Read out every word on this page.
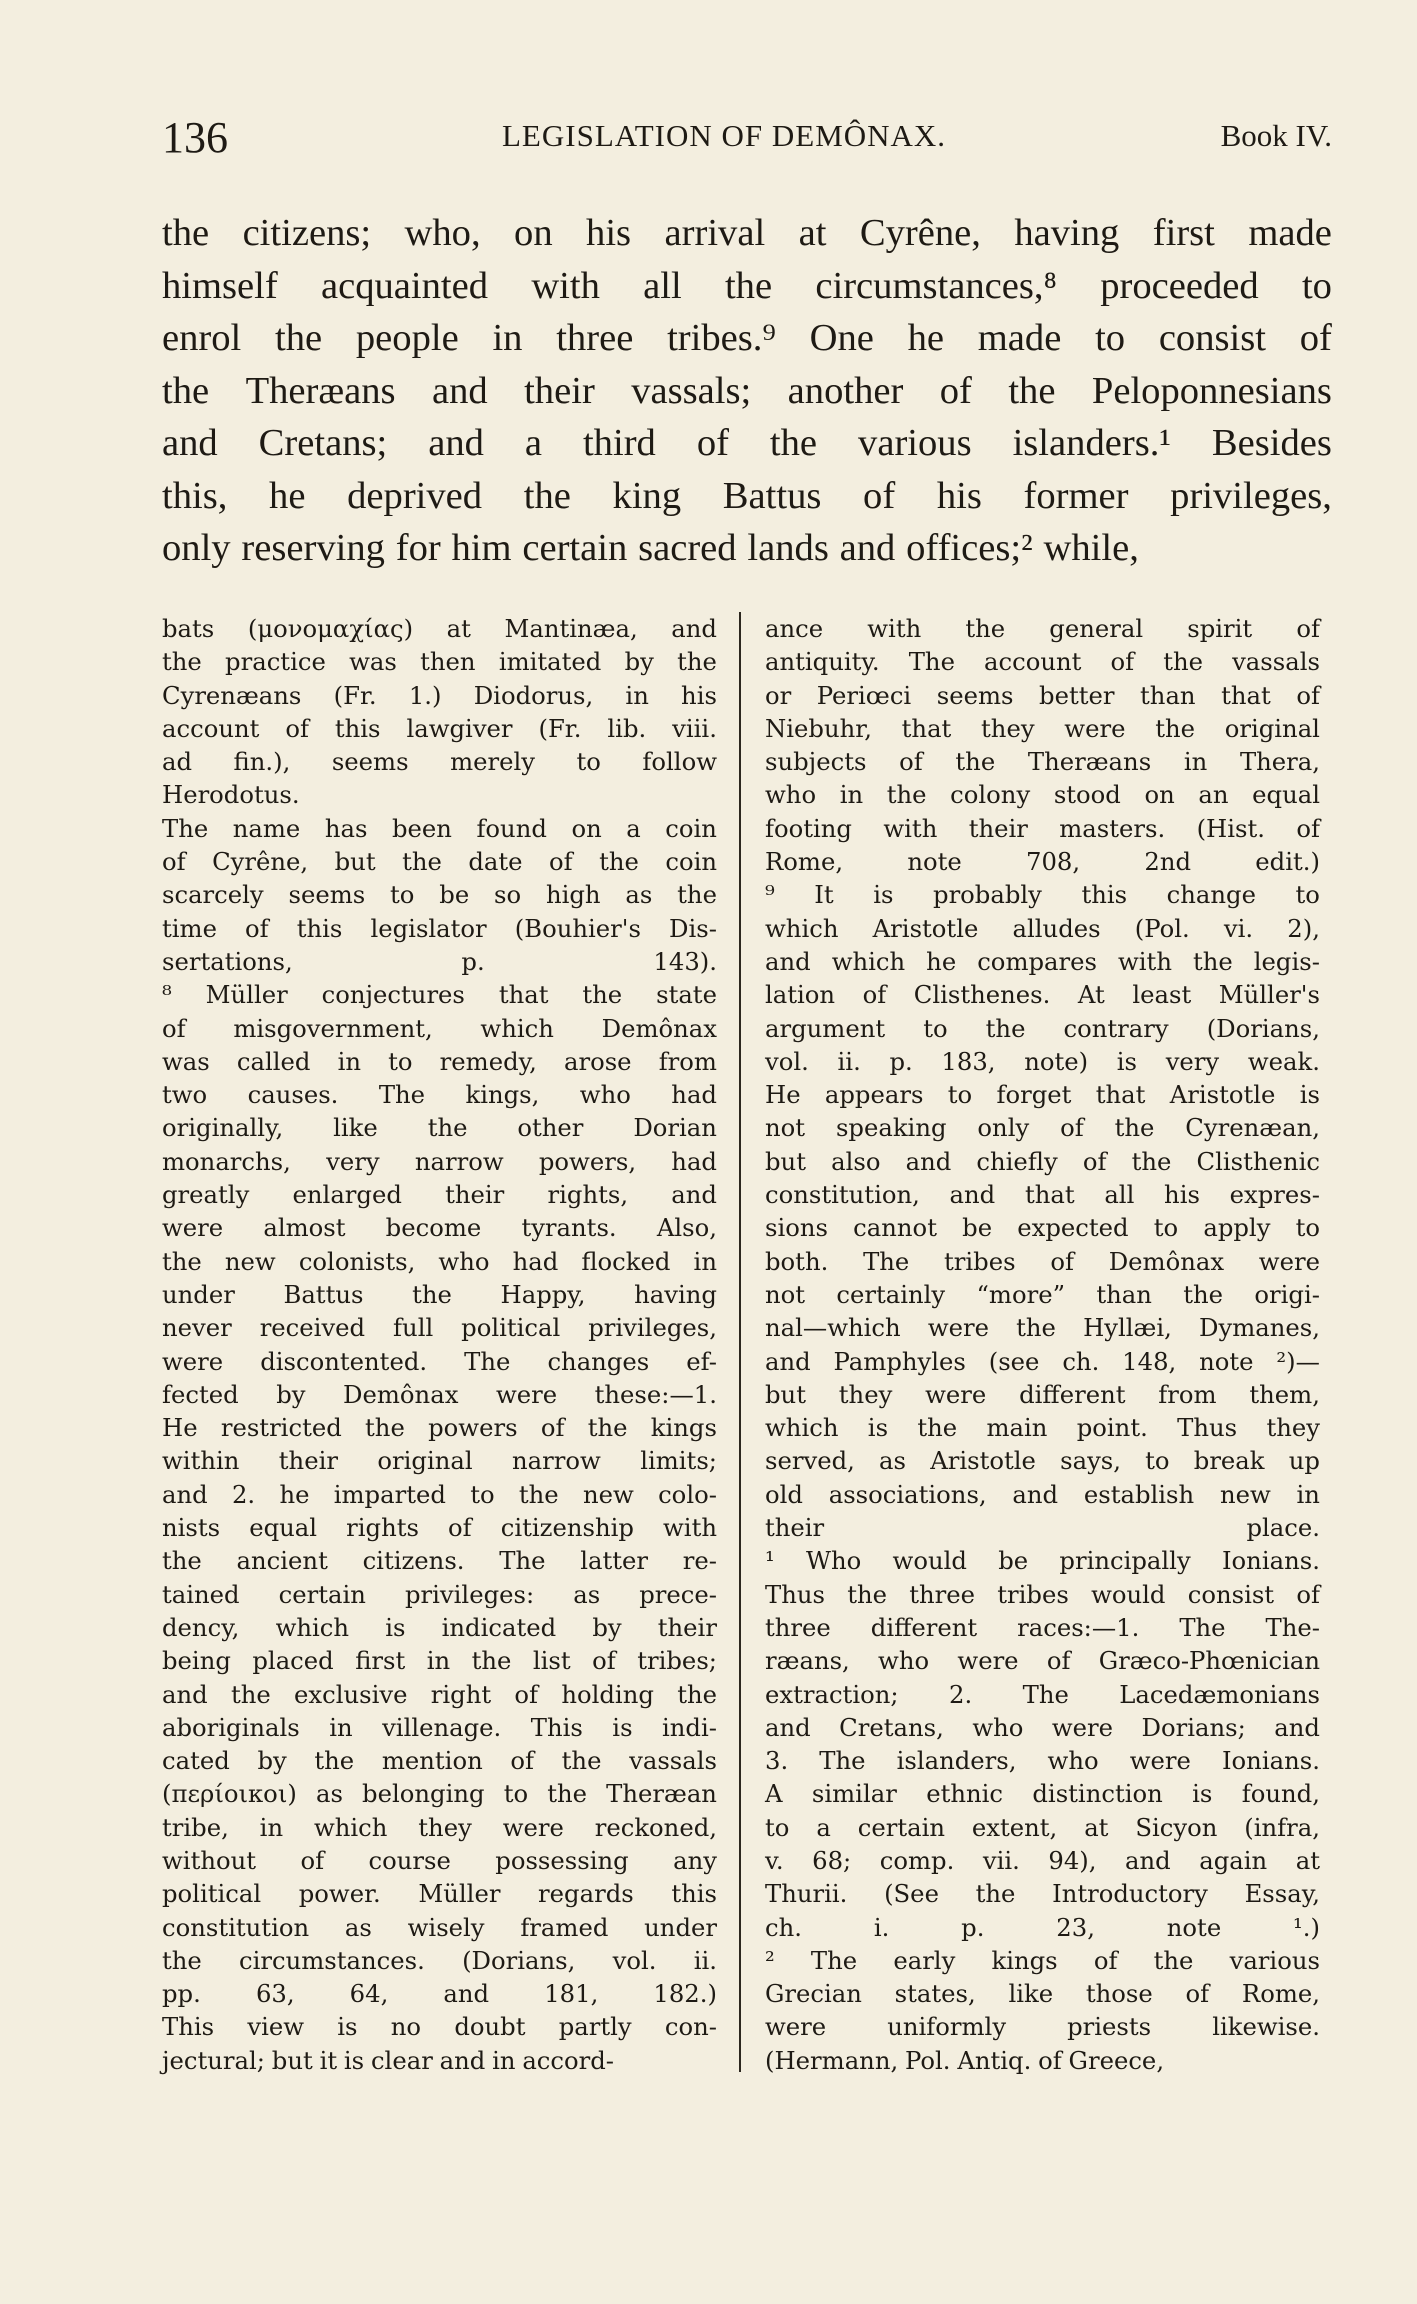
136	LEGISLATION OF DEMÔNAX.	Book IV.
the citizens; who, on his arrival at Cyrêne, having first made
himself acquainted with all the circumstances,⁸ proceeded to
enrol the people in three tribes.⁹ One he made to consist of
the Theræans and their vassals; another of the Peloponnesians
and Cretans; and a third of the various islanders.¹ Besides
this, he deprived the king Battus of his former privileges,
only reserving for him certain sacred lands and offices;² while,
bats (μονομαχίας) at Mantinæa, and
the practice was then imitated by the
Cyrenæans (Fr. 1.) Diodorus, in his
account of this lawgiver (Fr. lib. viii.
ad fin.), seems merely to follow
Herodotus.
The name has been found on a coin
of Cyrêne, but the date of the coin
scarcely seems to be so high as the
time of this legislator (Bouhier's Dis-
sertations,	p.	143).
⁸ Müller conjectures that the state
of misgovernment, which Demônax
was called in to remedy, arose from
two causes. The kings, who had
originally, like the other Dorian
monarchs, very narrow powers, had
greatly enlarged their rights, and
were almost become tyrants. Also,
the new colonists, who had flocked in
under Battus the Happy, having
never received full political privileges,
were discontented. The changes ef-
fected by Demônax were these:—1.
He restricted the powers of the kings
within their original narrow limits;
and 2. he imparted to the new colo-
nists equal rights of citizenship with
the ancient citizens. The latter re-
tained certain privileges: as prece-
dency, which is indicated by their
being placed first in the list of tribes;
and the exclusive right of holding the
aboriginals in villenage. This is indi-
cated by the mention of the vassals
(περίοικοι) as belonging to the Theræan
tribe, in which they were reckoned,
without of course possessing any
political power. Müller regards this
constitution as wisely framed under
the circumstances. (Dorians, vol. ii.
pp. 63, 64, and 181, 182.)
This view is no doubt partly con-
jectural; but it is clear and in accord-
ance with the general spirit of
antiquity. The account of the vassals
or Periœci seems better than that of
Niebuhr, that they were the original
subjects of the Theræans in Thera,
who in the colony stood on an equal
footing with their masters. (Hist. of
Rome,	note	708,	2nd	edit.)
⁹ It is probably this change to
which Aristotle alludes (Pol. vi. 2),
and which he compares with the legis-
lation of Clisthenes. At least Müller's
argument to the contrary (Dorians,
vol. ii. p. 183, note) is very weak.
He appears to forget that Aristotle is
not speaking only of the Cyrenæan,
but also and chiefly of the Clisthenic
constitution, and that all his expres-
sions cannot be expected to apply to
both. The tribes of Demônax were
not certainly “more” than the origi-
nal—which were the Hyllæi, Dymanes,
and Pamphyles (see ch. 148, note ²)—
but they were different from them,
which is the main point. Thus they
served, as Aristotle says, to break up
old associations, and establish new in
their	place.
¹ Who would be principally Ionians.
Thus the three tribes would consist of
three different races:—1. The The-
ræans, who were of Græco-Phœnician
extraction; 2. The Lacedæmonians
and Cretans, who were Dorians; and
3. The islanders, who were Ionians.
A similar ethnic distinction is found,
to a certain extent, at Sicyon (infra,
v. 68; comp. vii. 94), and again at
Thurii. (See the Introductory Essay,
ch.	i.	p.	23,	note	¹.)
² The early kings of the various
Grecian states, like those of Rome,
were	uniformly	priests	likewise.
(Hermann, Pol. Antiq. of Greece,
